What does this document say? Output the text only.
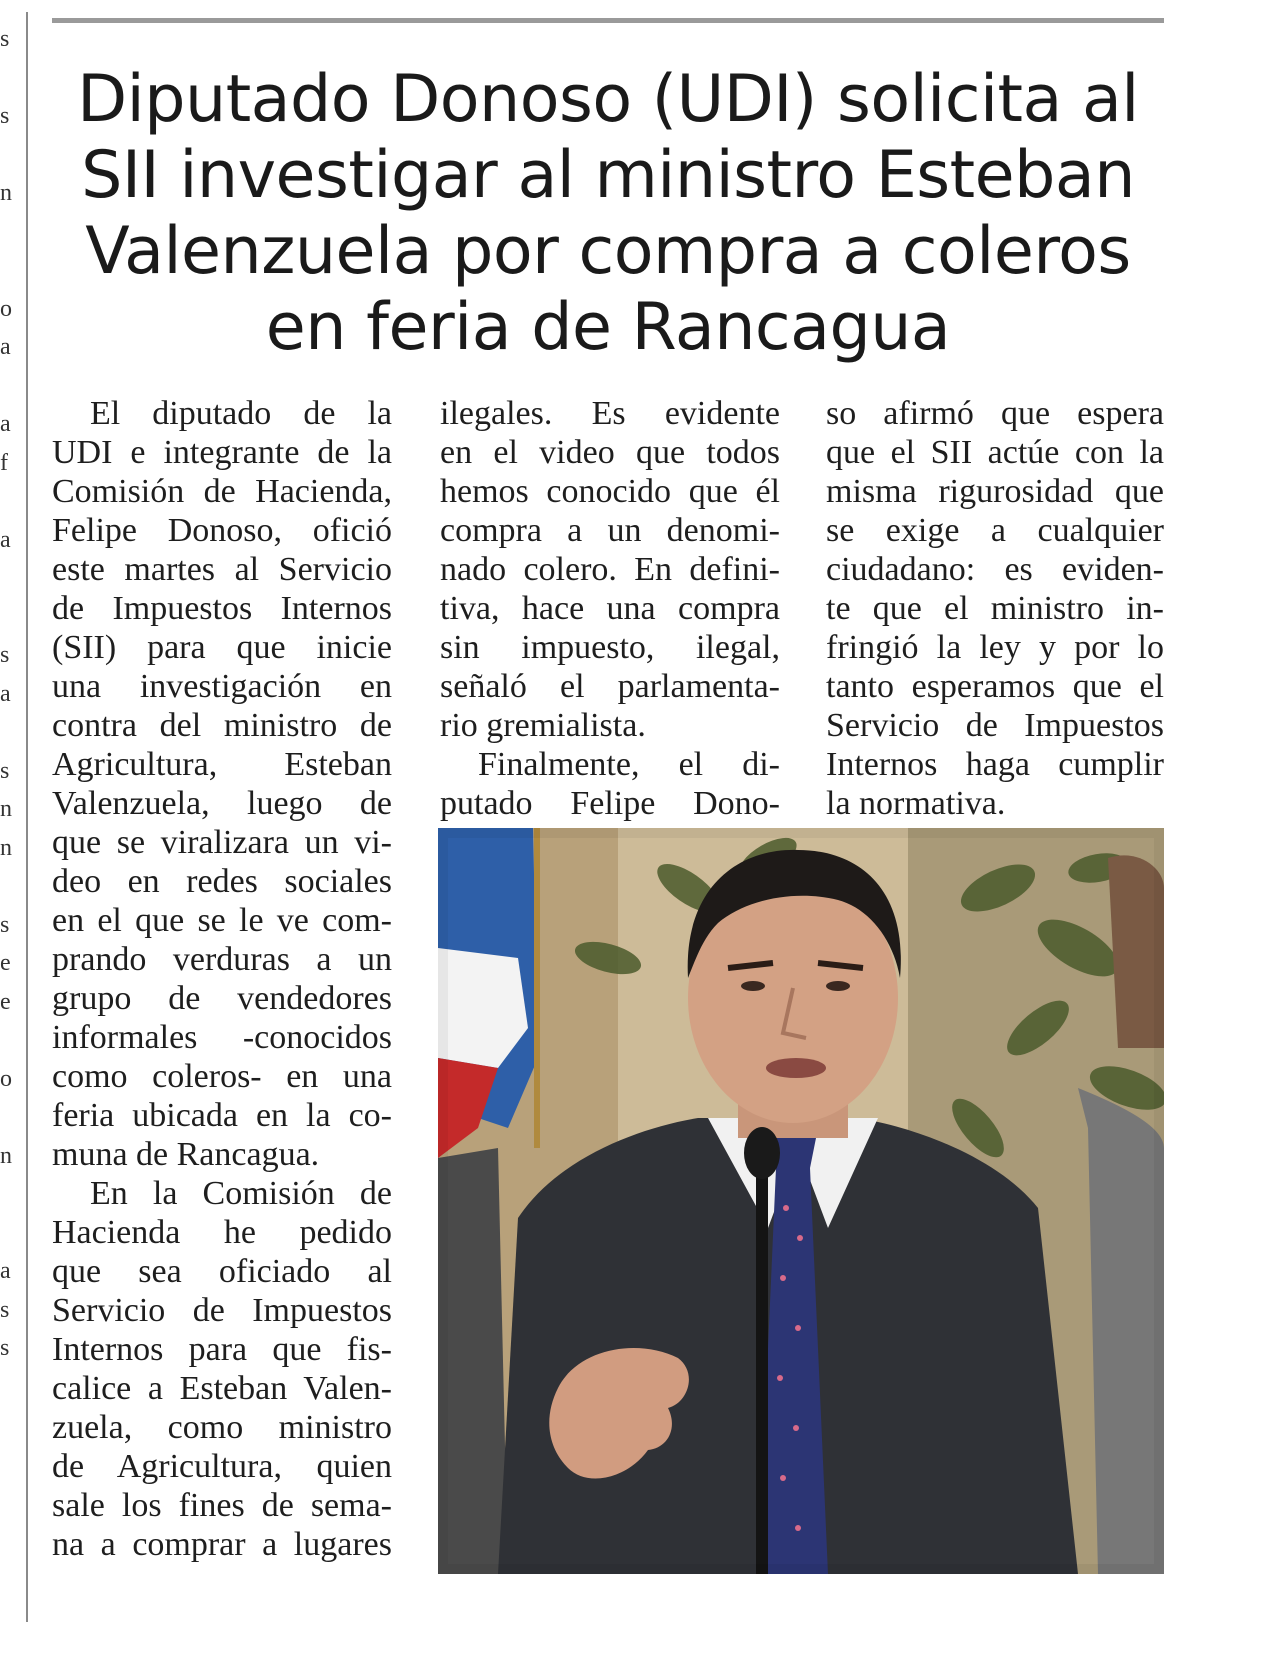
s
s
n
o
a
a
f
a
s
a
s
n
n
s
e
e
o
n
a
s
s
Diputado Donoso (UDI) solicita al
SII investigar al ministro Esteban
Valenzuela por compra a coleros
en feria de Rancagua
El diputado de la
UDI e integrante de la
Comisión de Hacienda,
Felipe Donoso, ofició
este martes al Servicio
de Impuestos Internos
(SII) para que inicie
una investigación en
contra del ministro de
Agricultura, Esteban
Valenzuela, luego de
que se viralizara un vi-
deo en redes sociales
en el que se le ve com-
prando verduras a un
grupo de vendedores
informales -conocidos
como coleros- en una
feria ubicada en la co-
muna de Rancagua.
En la Comisión de
Hacienda he pedido
que sea oficiado al
Servicio de Impuestos
Internos para que fis-
calice a Esteban Valen-
zuela, como ministro
de Agricultura, quien
sale los fines de sema-
na a comprar a lugares
ilegales. Es evidente
en el video que todos
hemos conocido que él
compra a un denomi-
nado colero. En defini-
tiva, hace una compra
sin impuesto, ilegal,
señaló el parlamenta-
rio gremialista.
Finalmente, el di-
putado Felipe Dono-
so afirmó que espera
que el SII actúe con la
misma rigurosidad que
se exige a cualquier
ciudadano: es eviden-
te que el ministro in-
fringió la ley y por lo
tanto esperamos que el
Servicio de Impuestos
Internos haga cumplir
la normativa.
